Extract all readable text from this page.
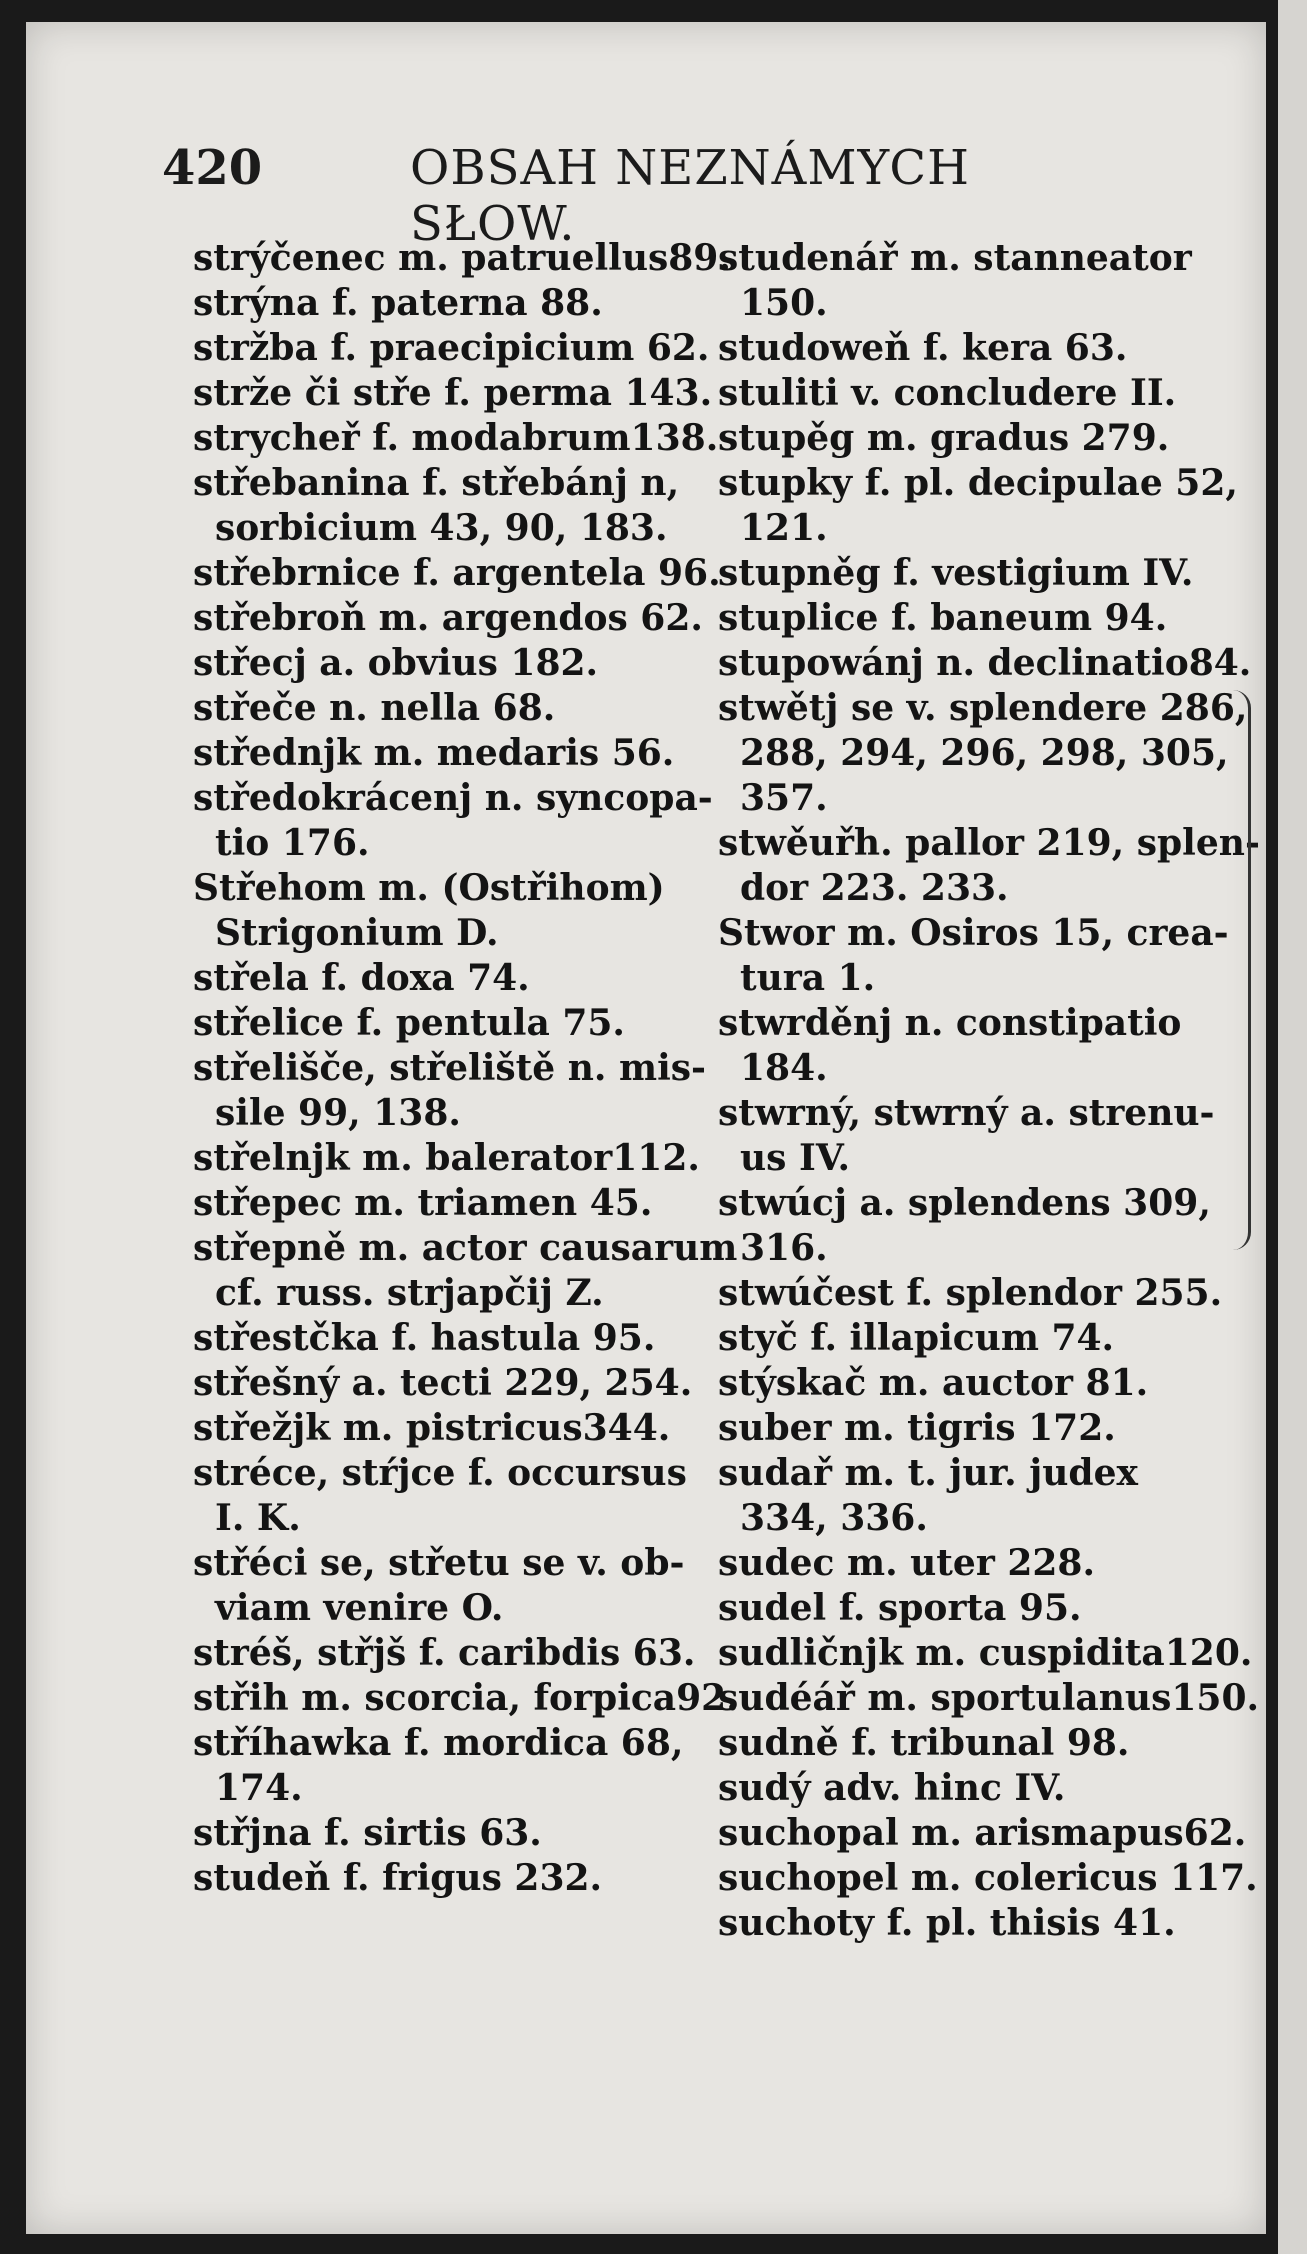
420	OBSAH NEZNÁMYCH SŁOW.
strýčenec m. patruellus89.
strýna f. paterna 88.
stržba f. praecipicium 62.
strže či stře f. perma 143.
strycheř f. modabrum138.
střebanina f. střebánj n,
sorbicium 43, 90, 183.
střebrnice f. argentela 96.
střebroň m. argendos 62.
střecj a. obvius 182.
střeče n. nella 68.
střednjk m. medaris 56.
středokrácenj n. syncopa-
tio 176.
Střehom m. (Ostřihom)
Strigonium D.
střela f. doxa 74.
střelice f. pentula 75.
střelišče, střeliště n. mis-
sile 99, 138.
střelnjk m. balerator112.
střepec m. triamen 45.
střepně m. actor causarum
cf. russ. strjapčij Z.
střestčka f. hastula 95.
střešný a. tecti 229, 254.
střežjk m. pistricus344.
stréce, stŕjce f. occursus
I. K.
střéci se, střetu se v. ob-
viam venire O.
stréš, střjš f. caribdis 63.
střih m. scorcia, forpica92.
stříhawka f. mordica 68,
174.
střjna f. sirtis 63.
studeň f. frigus 232.
studenář m. stanneator
150.
studoweň f. kera 63.
stuliti v. concludere II.
stupěg m. gradus 279.
stupky f. pl. decipulae 52,
121.
stupněg f. vestigium IV.
stuplice f. baneum 94.
stupowánj n. declinatio84.
stwětj se v. splendere 286,
288, 294, 296, 298, 305,
357.
stwěuřh. pallor 219, splen-
dor 223. 233.
Stwor m. Osiros 15, crea-
tura 1.
stwrděnj n. constipatio
184.
stwrný, stwrný a. strenu-
us IV.
stwúcj a. splendens 309,
316.
stwúčest f. splendor 255.
styč f. illapicum 74.
stýskač m. auctor 81.
suber m. tigris 172.
sudař m. t. jur. judex
334, 336.
sudec m. uter 228.
sudel f. sporta 95.
sudličnjk m. cuspidita120.
sudéář m. sportulanus150.
sudně f. tribunal 98.
sudý adv. hinc IV.
suchopal m. arismapus62.
suchopel m. colericus 117.
suchoty f. pl. thisis 41.
